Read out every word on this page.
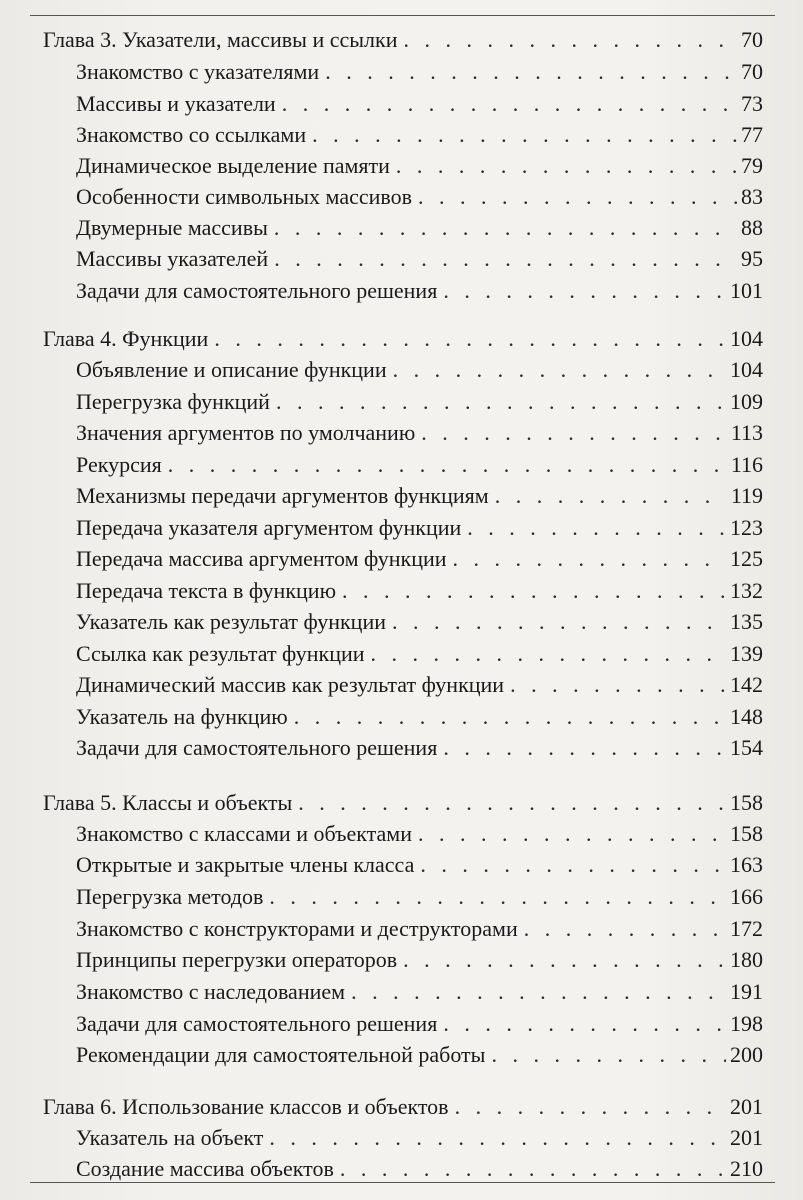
Глава 3. Указатели, массивы и ссылки . . .	70
Знакомство с указателями . . .	70
Массивы и указатели . . .	73
Знакомство со ссылками . . .	77
Динамическое выделение памяти . . .	79
Особенности символьных массивов . . .	83
Двумерные массивы . . .	88
Массивы указателей . . .	95
Задачи для самостоятельного решения . . .	101
Глава 4. Функции . . .	104
Объявление и описание функции . . .	104
Перегрузка функций . . .	109
Значения аргументов по умолчанию . . .	113
Рекурсия . . .	116
Механизмы передачи аргументов функциям . . .	119
Передача указателя аргументом функции . . .	123
Передача массива аргументом функции . . .	125
Передача текста в функцию . . .	132
Указатель как результат функции . . .	135
Ссылка как результат функции . . .	139
Динамический массив как результат функции . . .	142
Указатель на функцию . . .	148
Задачи для самостоятельного решения . . .	154
Глава 5. Классы и объекты . . .	158
Знакомство с классами и объектами . . .	158
Открытые и закрытые члены класса . . .	163
Перегрузка методов . . .	166
Знакомство с конструкторами и деструкторами . . .	172
Принципы перегрузки операторов . . .	180
Знакомство с наследованием . . .	191
Задачи для самостоятельного решения . . .	198
Рекомендации для самостоятельной работы . . .	200
Глава 6. Использование классов и объектов . . .	201
Указатель на объект . . .	201
Создание массива объектов . . .	210
